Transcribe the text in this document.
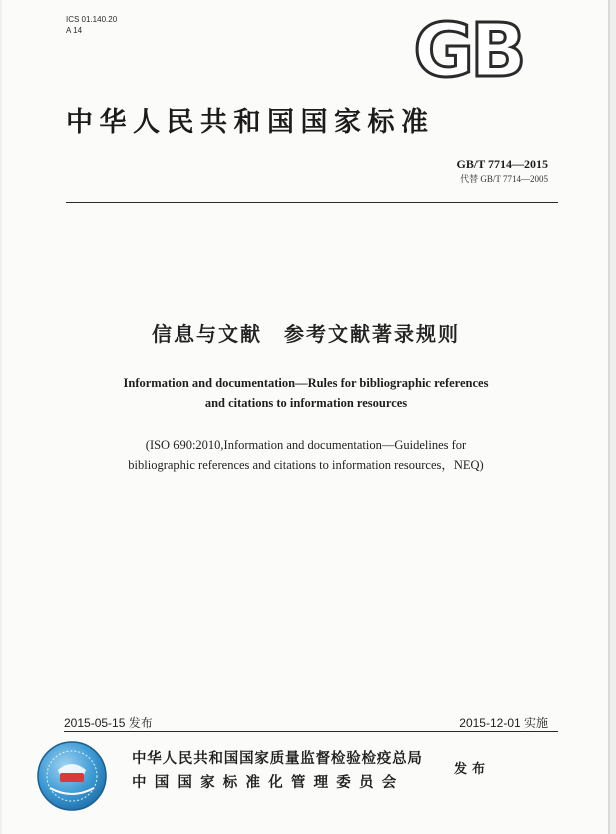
ICS 01.140.20
A 14	GB
中华人民共和国国家标准
GB/T 7714—2015
代替 GB/T 7714—2005
信息与文献　参考文献著录规则
Information and documentation—Rules for bibliographic references
and citations to information resources
(ISO 690:2010,Information and documentation—Guidelines for
bibliographic references and citations to information resources，NEQ)
2015-05-15 发布	2015-12-01 实施
中华人民共和国国家质量监督检验检疫总局
中国国家标准化管理委员会
发布
